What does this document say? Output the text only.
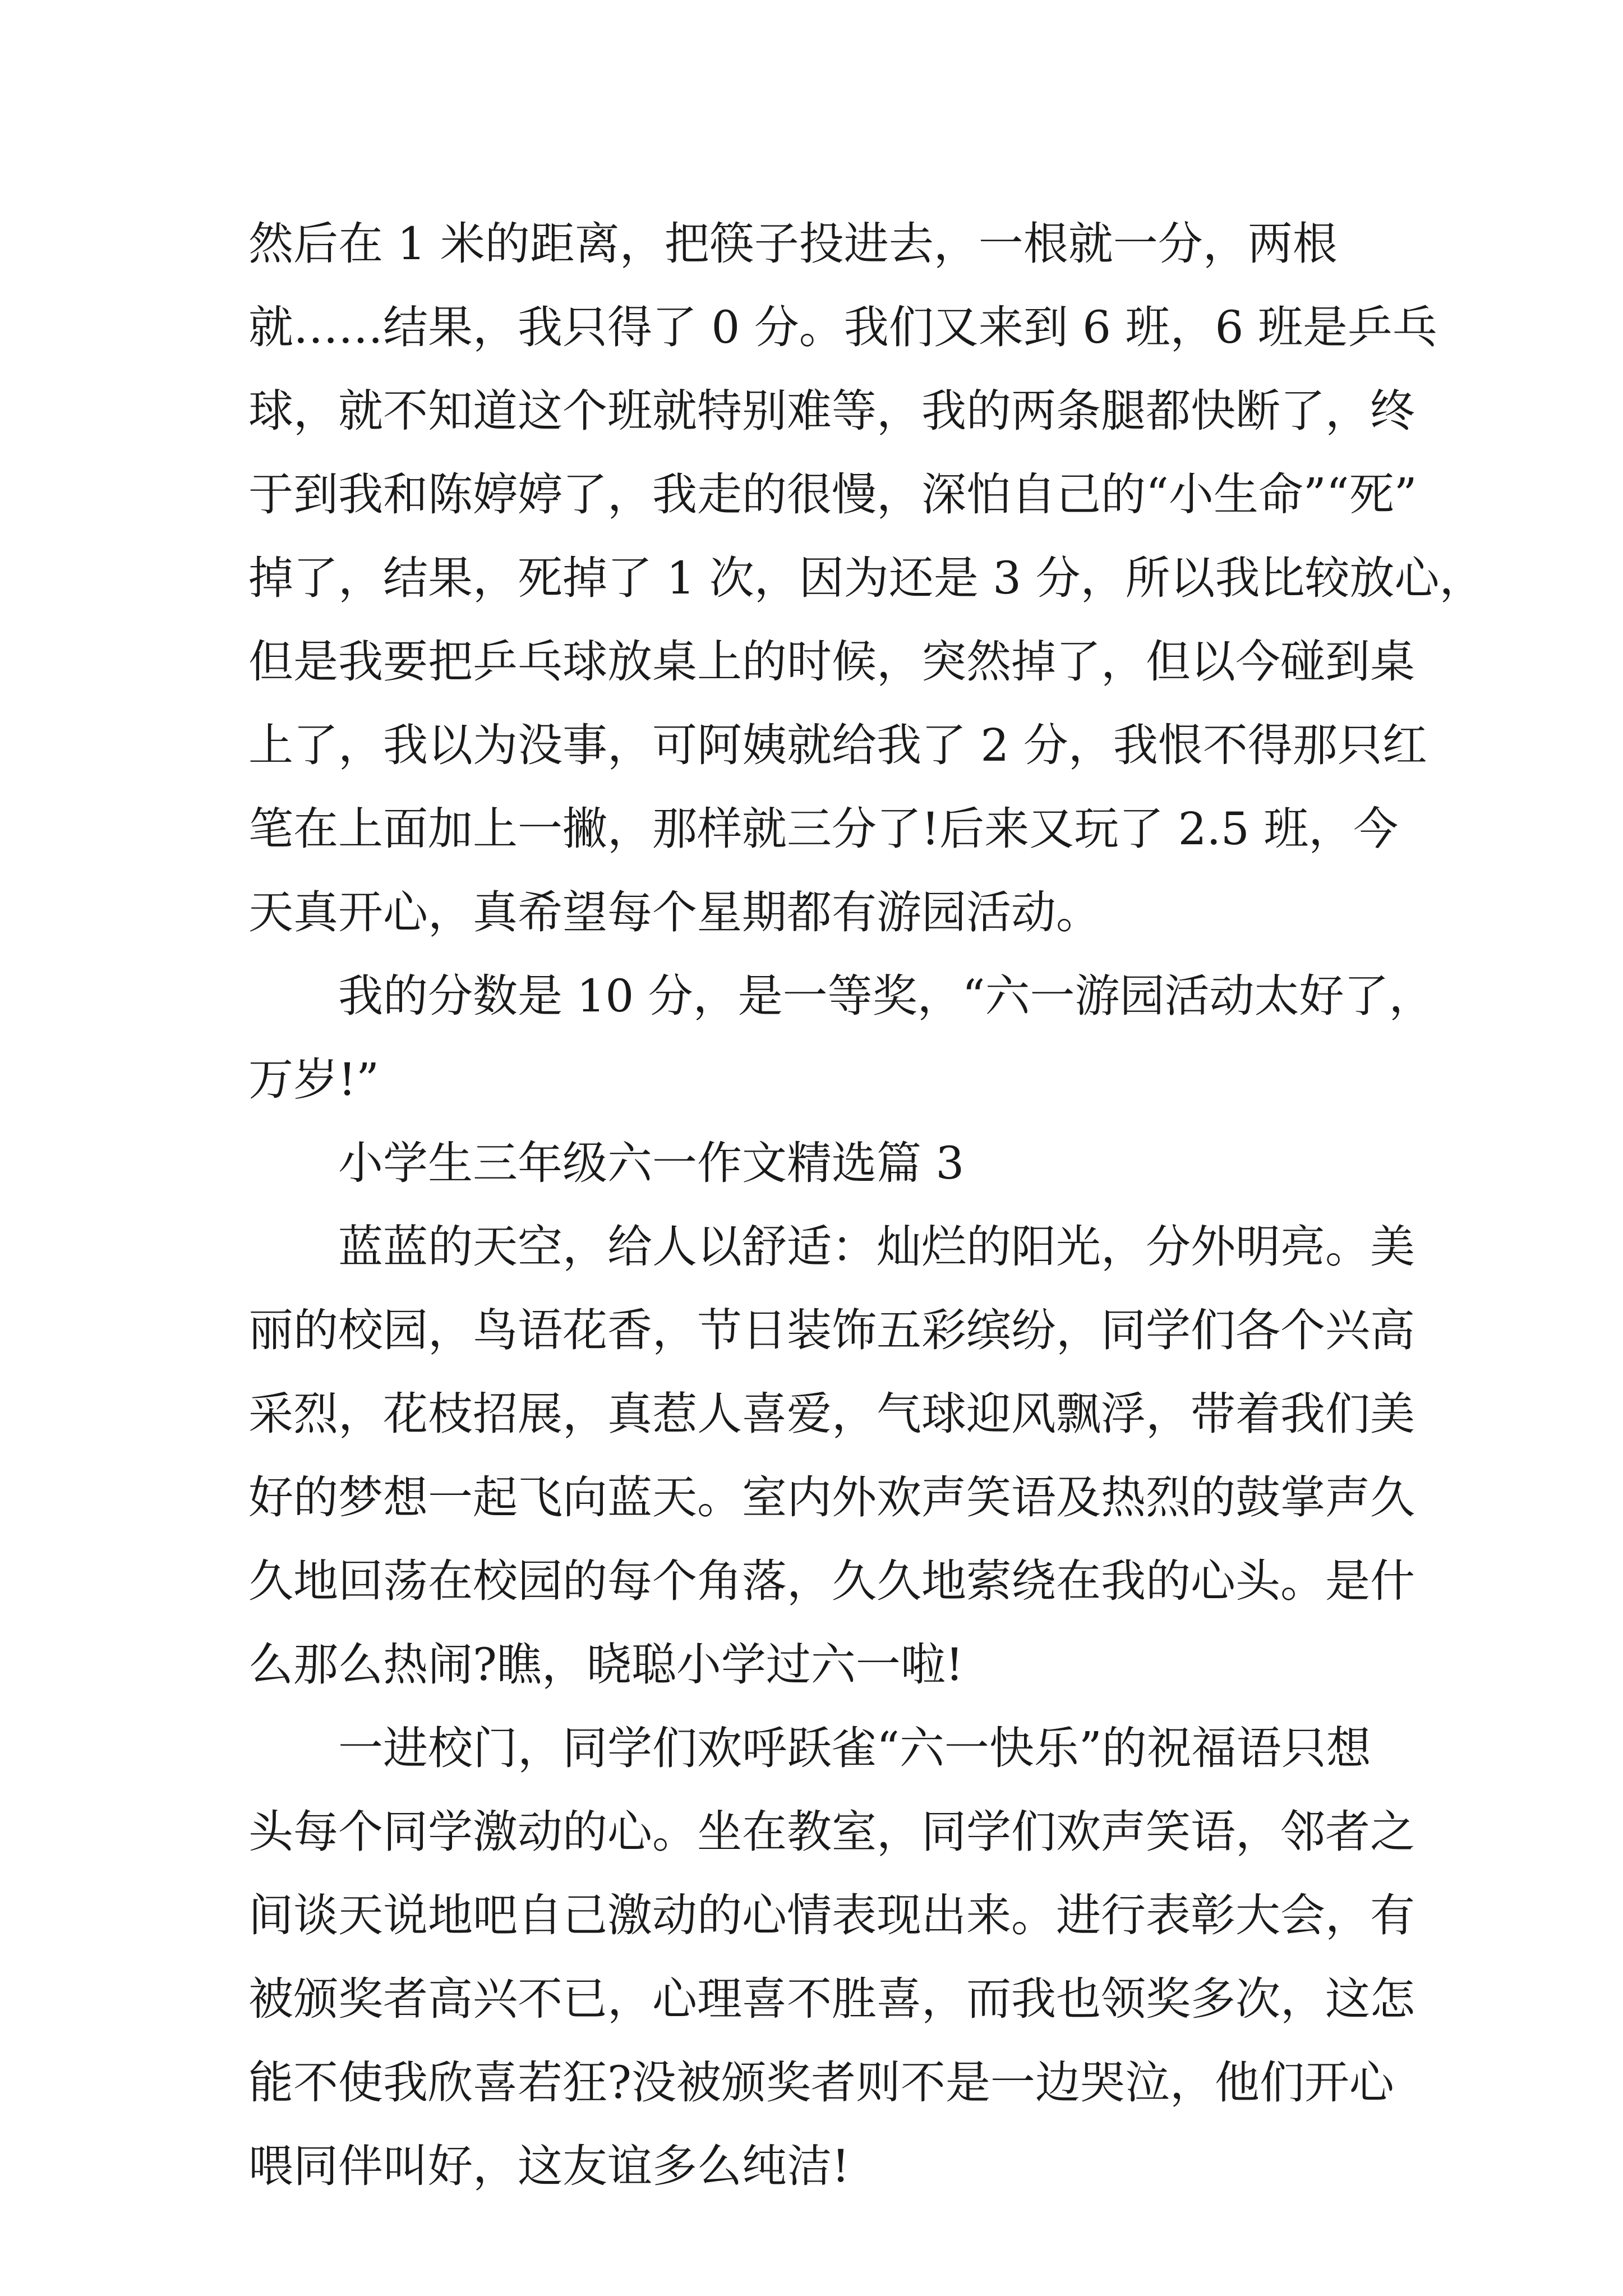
然后在 1 米的距离，把筷子投进去，一根就一分，两根
就……结果，我只得了 0 分。我们又来到 6 班，6 班是乒乓
球，就不知道这个班就特别难等，我的两条腿都快断了，终
于到我和陈婷婷了，我走的很慢，深怕自己的“小生命”“死”
掉了，结果，死掉了 1 次，因为还是 3 分，所以我比较放心，
但是我要把乒乓球放桌上的时候，突然掉了，但以今碰到桌
上了，我以为没事，可阿姨就给我了 2 分，我恨不得那只红
笔在上面加上一撇，那样就三分了!后来又玩了 2.5 班，今
天真开心，真希望每个星期都有游园活动。
　　我的分数是 10 分，是一等奖，“六一游园活动太好了，
万岁!”
　　小学生三年级六一作文精选篇 3
　　蓝蓝的天空，给人以舒适：灿烂的阳光，分外明亮。美
丽的校园，鸟语花香，节日装饰五彩缤纷，同学们各个兴高
采烈，花枝招展，真惹人喜爱，气球迎风飘浮，带着我们美
好的梦想一起飞向蓝天。室内外欢声笑语及热烈的鼓掌声久
久地回荡在校园的每个角落，久久地萦绕在我的心头。是什
么那么热闹?瞧，晓聪小学过六一啦!
　　一进校门，同学们欢呼跃雀“六一快乐”的祝福语只想
头每个同学激动的心。坐在教室，同学们欢声笑语，邻者之
间谈天说地吧自己激动的心情表现出来。进行表彰大会，有
被颁奖者高兴不已，心理喜不胜喜，而我也领奖多次，这怎
能不使我欣喜若狂?没被颁奖者则不是一边哭泣，他们开心
喂同伴叫好，这友谊多么纯洁!
